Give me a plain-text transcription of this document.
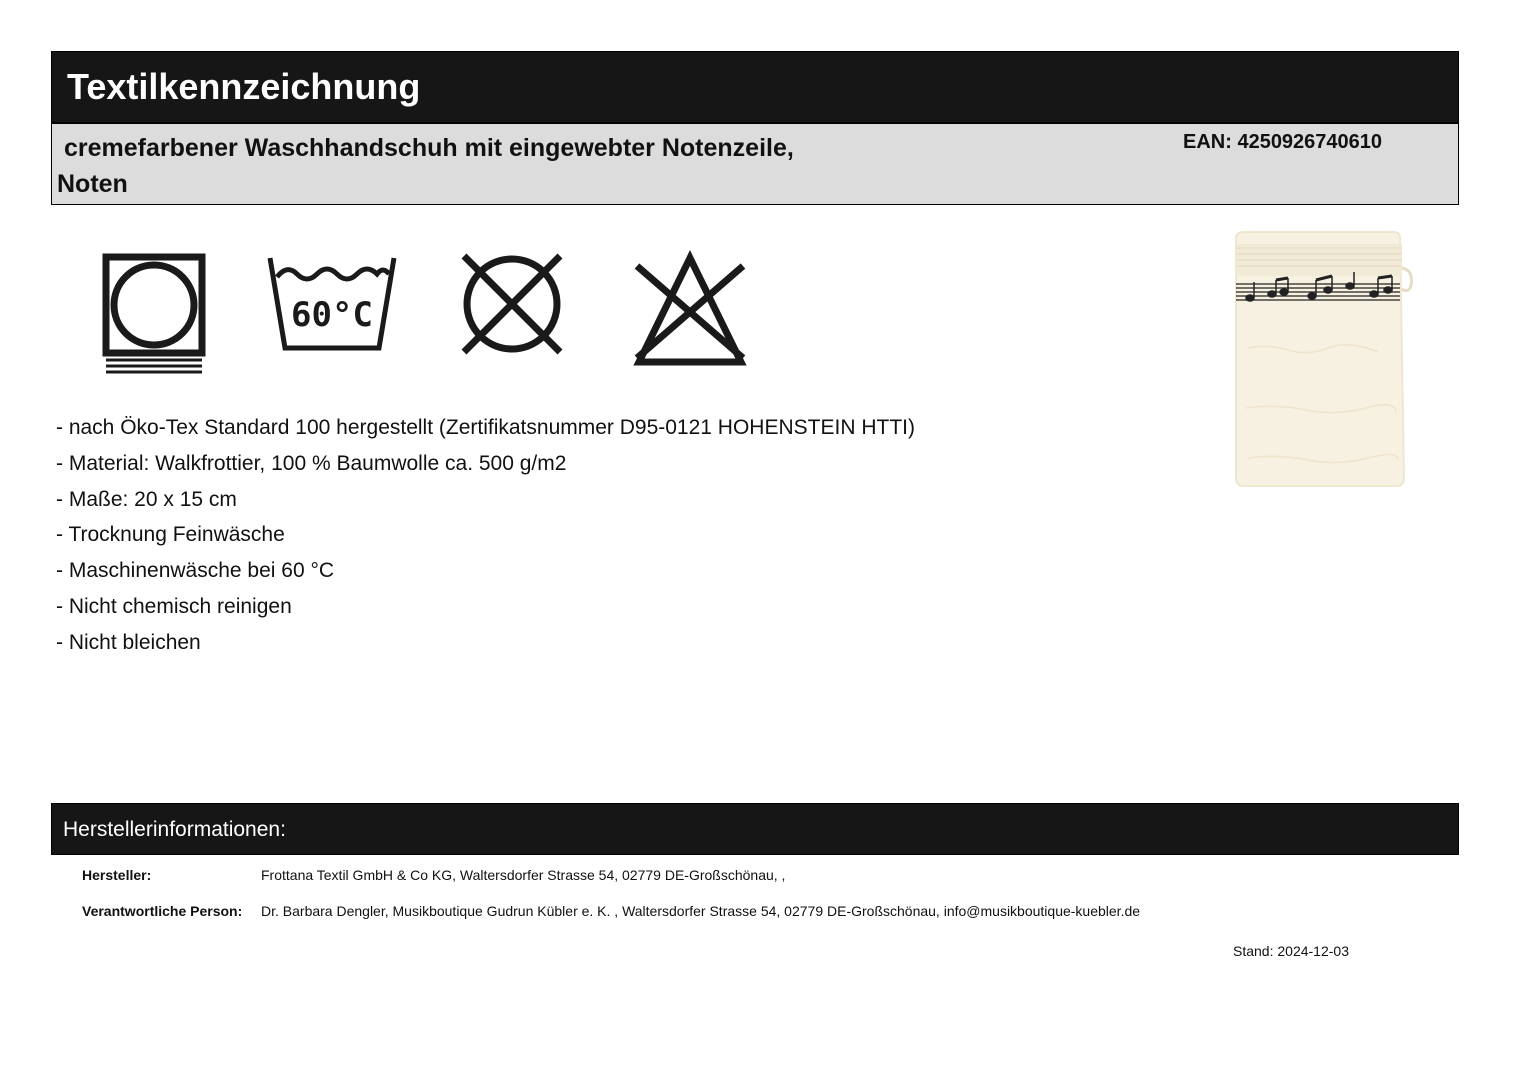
Textilkennzeichnung
cremefarbener Waschhandschuh mit eingewebter Notenzeile,
Noten
EAN: 4250926740610
60°C
- nach Öko-Tex Standard 100 hergestellt (Zertifikatsnummer D95-0121 HOHENSTEIN HTTI)
- Material: Walkfrottier, 100 % Baumwolle ca. 500 g/m2
- Maße: 20 x 15 cm
- Trocknung Feinwäsche
- Maschinenwäsche bei 60 °C
- Nicht chemisch reinigen
- Nicht bleichen
Herstellerinformationen:
Hersteller:	Frottana Textil GmbH & Co KG, Waltersdorfer Strasse 54, 02779 DE-Großschönau, ,
Verantwortliche Person: Dr. Barbara Dengler, Musikboutique Gudrun Kübler e. K. , Waltersdorfer Strasse 54, 02779 DE-Großschönau, info@musikboutique-kuebler.de
Stand: 2024-12-03
